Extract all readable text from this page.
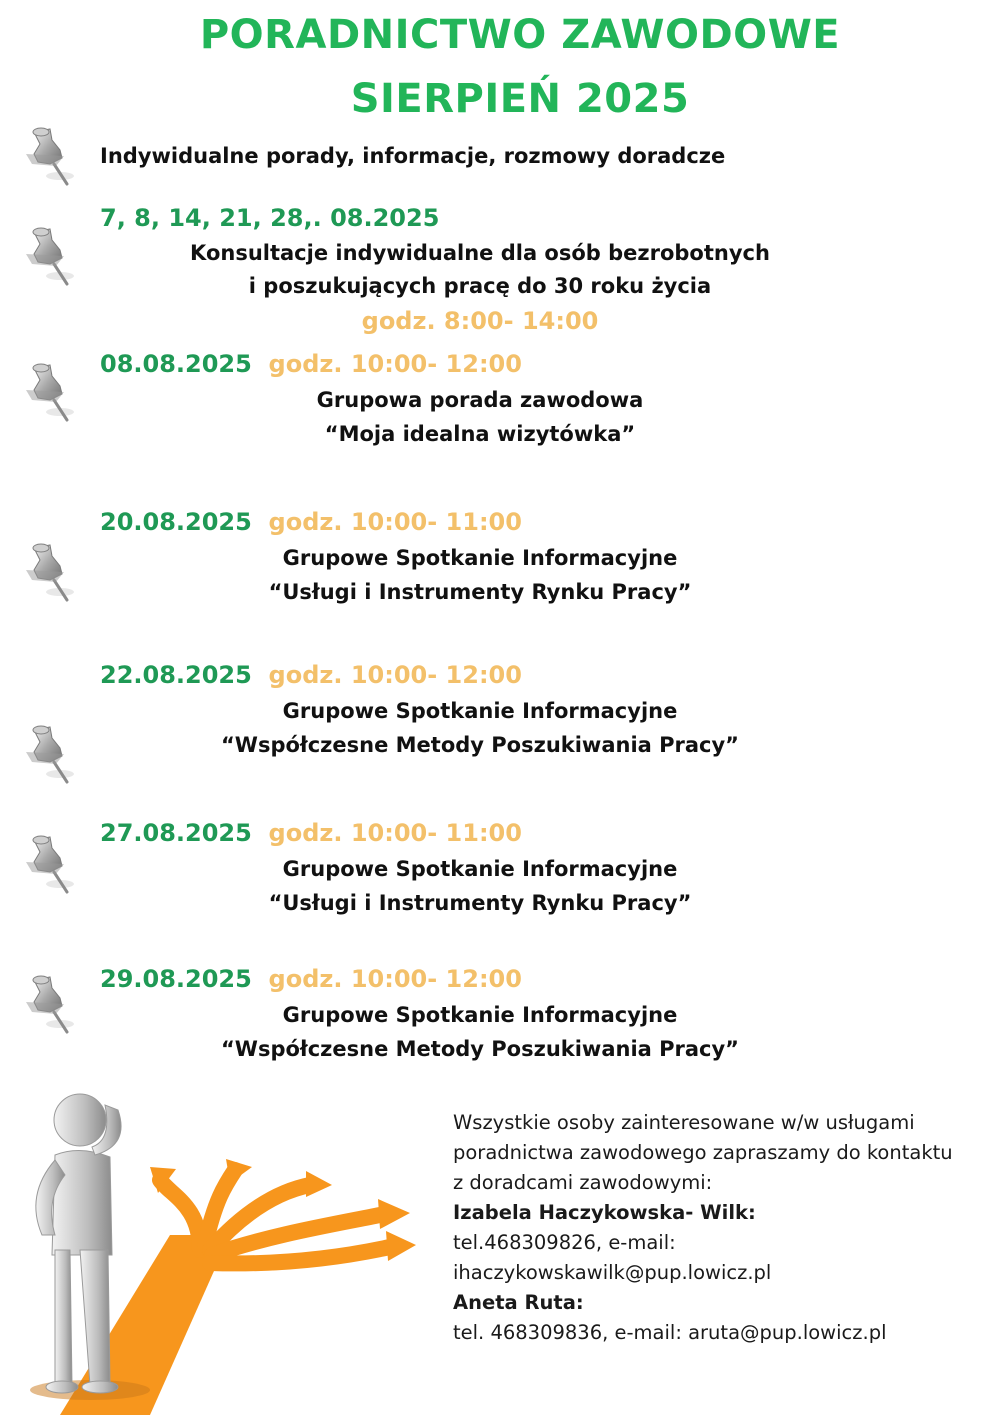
PORADNICTWO ZAWODOWE
SIERPIEŃ 2025
Indywidualne porady, informacje, rozmowy doradcze
7, 8, 14, 21, 28,. 08.2025
Konsultacje indywidualne dla osób bezrobotnych
i poszukujących pracę do 30 roku życia
godz. 8:00- 14:00
08.08.2025 godz. 10:00- 12:00
Grupowa porada zawodowa
“Moja idealna wizytówka”
20.08.2025 godz. 10:00- 11:00
Grupowe Spotkanie Informacyjne
“Usługi i Instrumenty Rynku Pracy”
22.08.2025 godz. 10:00- 12:00
Grupowe Spotkanie Informacyjne
“Współczesne Metody Poszukiwania Pracy”
27.08.2025 godz. 10:00- 11:00
Grupowe Spotkanie Informacyjne
“Usługi i Instrumenty Rynku Pracy”
29.08.2025 godz. 10:00- 12:00
Grupowe Spotkanie Informacyjne
“Współczesne Metody Poszukiwania Pracy”
Wszystkie osoby zainteresowane w/w usługami
poradnictwa zawodowego zapraszamy do kontaktu
z doradcami zawodowymi:
Izabela Haczykowska- Wilk:
tel.468309826, e-mail:
ihaczykowskawilk@pup.lowicz.pl
Aneta Ruta:
tel. 468309836, e-mail: aruta@pup.lowicz.pl
